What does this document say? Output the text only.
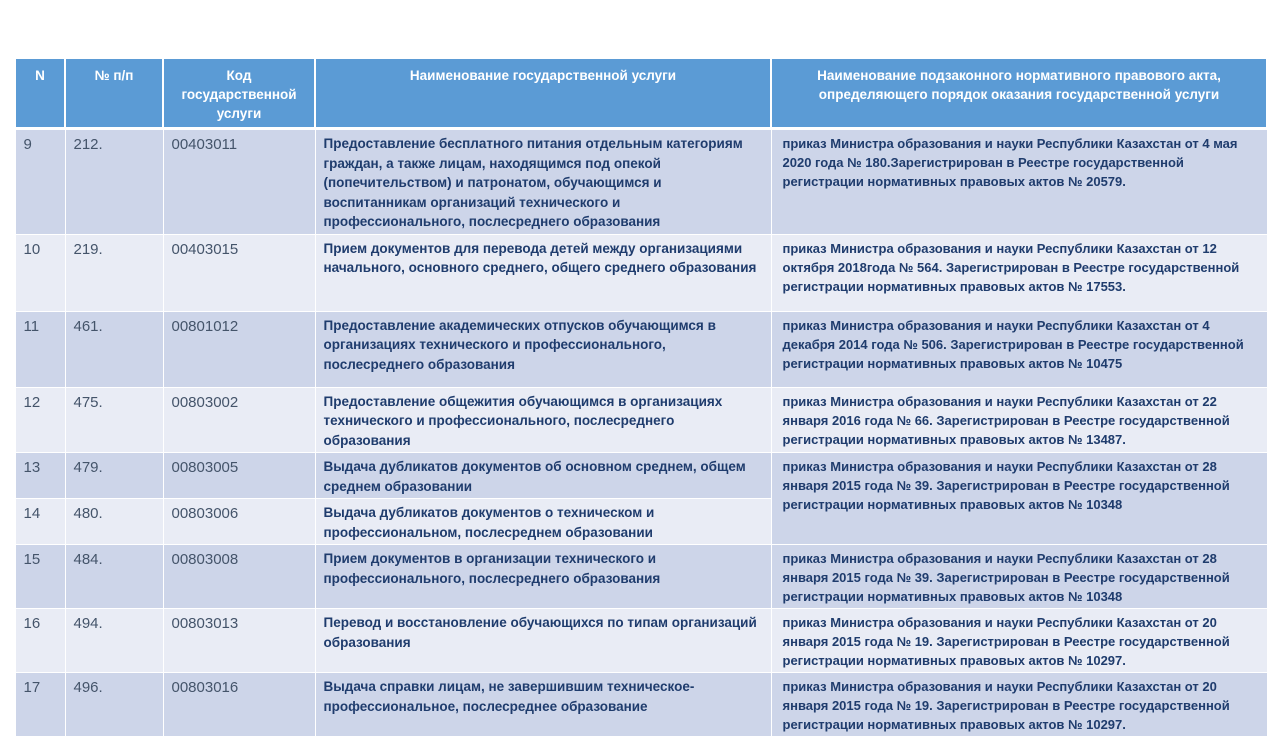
N	№ п/п	Код государственной услуги	Наименование государственной услуги	Наименование подзаконного нормативного правового акта, определяющего порядок оказания государственной услуги
9	212.	00403011	Предоставление бесплатного питания отдельным категориям граждан, а также лицам, находящимся под опекой (попечительством) и патронатом, обучающимся и воспитанникам организаций технического и профессионального, послесреднего образования	приказ Министра образования и науки Республики Казахстан от 4 мая 2020 года № 180.Зарегистрирован в Реестре государственной регистрации нормативных правовых актов № 20579.
10	219.	00403015	Прием документов для перевода детей между организациями начального, основного среднего, общего среднего образования	приказ Министра образования и науки Республики Казахстан от 12 октября 2018года № 564. Зарегистрирован в Реестре государственной регистрации нормативных правовых актов № 17553.
11	461.	00801012	Предоставление академических отпусков обучающимся в организациях технического и профессионального, послесреднего образования	приказ Министра образования и науки Республики Казахстан от 4 декабря 2014 года № 506. Зарегистрирован в Реестре государственной регистрации нормативных правовых актов № 10475
12	475.	00803002	Предоставление общежития обучающимся в организациях технического и профессионального, послесреднего образования	приказ Министра образования и науки Республики Казахстан от 22 января 2016 года № 66. Зарегистрирован в Реестре государственной регистрации нормативных правовых актов № 13487.
13	479.	00803005	Выдача дубликатов документов об основном среднем, общем среднем образовании	приказ Министра образования и науки Республики Казахстан от 28 января 2015 года № 39. Зарегистрирован в Реестре государственной регистрации нормативных правовых актов № 10348
14	480.	00803006	Выдача дубликатов документов о техническом и профессиональном, послесреднем образовании	
15	484.	00803008	Прием документов в организации технического и профессионального, послесреднего образования	приказ Министра образования и науки Республики Казахстан от 28 января 2015 года № 39. Зарегистрирован в Реестре государственной регистрации нормативных правовых актов № 10348
16	494.	00803013	Перевод и восстановление обучающихся по типам организаций образования	приказ Министра образования и науки Республики Казахстан от 20 января 2015 года № 19. Зарегистрирован в Реестре государственной регистрации нормативных правовых актов № 10297.
17	496.	00803016	Выдача справки лицам, не завершившим техническое-профессиональное, послесреднее образование	приказ Министра образования и науки Республики Казахстан от 20 января 2015 года № 19. Зарегистрирован в Реестре государственной регистрации нормативных правовых актов № 10297.
